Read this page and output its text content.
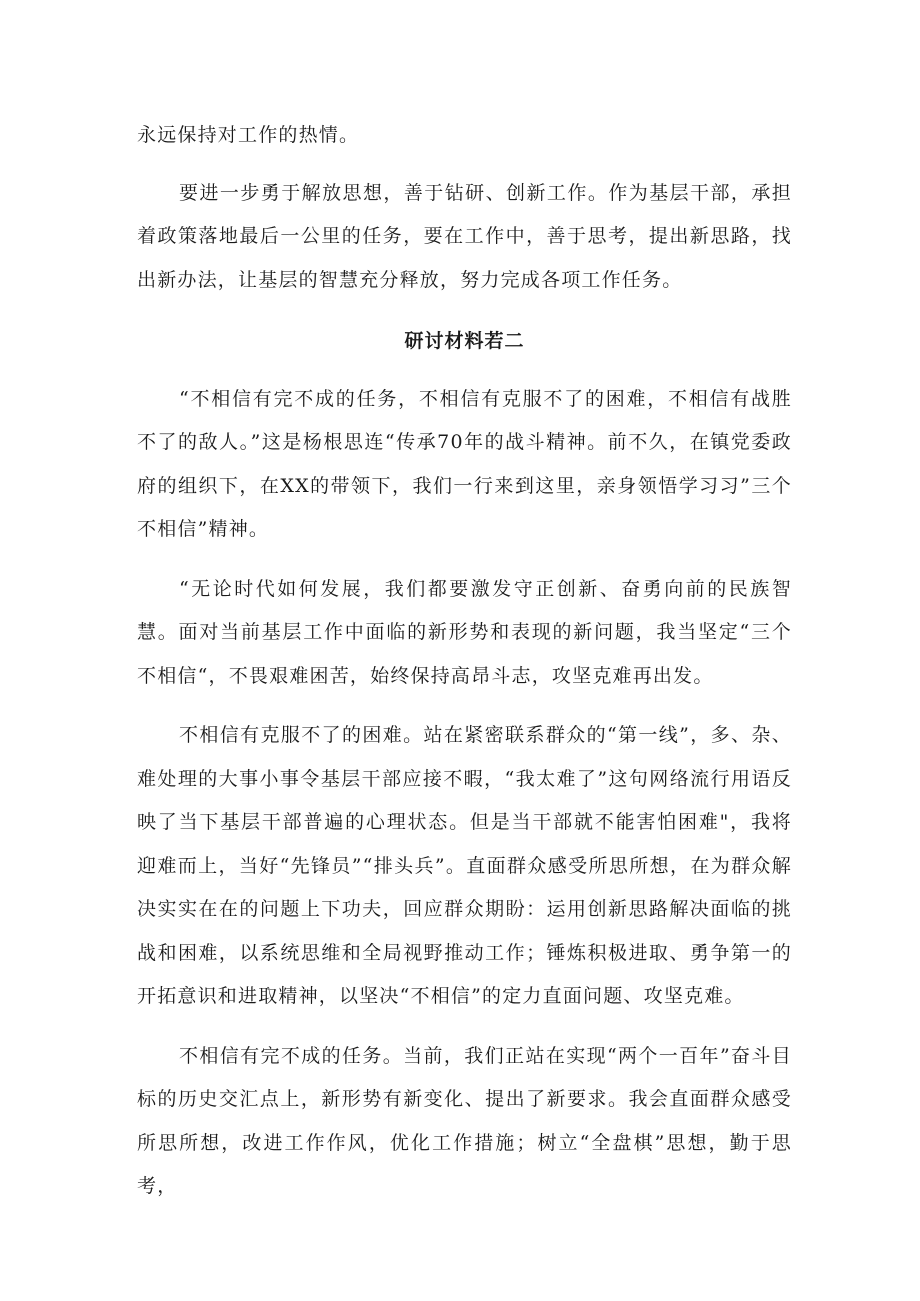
永远保持对工作的热情。

要进一步勇于解放思想，善于钻研、创新工作。作为基层干部，承担着政策落地最后一公里的任务，要在工作中，善于思考，提出新思路，找出新办法，让基层的智慧充分释放，努力完成各项工作任务。

研讨材料若二

“不相信有完不成的任务，不相信有克服不了的困难，不相信有战胜不了的敌人。”这是杨根思连“传承70年的战斗精神。前不久，在镇党委政府的组织下，在XX的带领下，我们一行来到这里，亲身领悟学习习”三个不相信”精神。

“无论时代如何发展，我们都要激发守正创新、奋勇向前的民族智慧。面对当前基层工作中面临的新形势和表现的新问题，我当坚定“三个不相信“，不畏艰难困苦，始终保持高昂斗志，攻坚克难再出发。

不相信有克服不了的困难。站在紧密联系群众的“第一线”，多、杂、难处理的大事小事令基层干部应接不暇，“我太难了”这句网络流行用语反映了当下基层干部普遍的心理状态。但是当干部就不能害怕困难"，我将迎难而上，当好“先锋员”“排头兵”。直面群众感受所思所想，在为群众解决实实在在的问题上下功夫，回应群众期盼：运用创新思路解决面临的挑战和困难，以系统思维和全局视野推动工作；锤炼积极进取、勇争第一的开拓意识和进取精神，以坚决“不相信”的定力直面问题、攻坚克难。

不相信有完不成的任务。当前，我们正站在实现“两个一百年”奋斗目标的历史交汇点上，新形势有新变化、提出了新要求。我会直面群众感受所思所想，改进工作作风，优化工作措施；树立“全盘棋”思想，勤于思考，
